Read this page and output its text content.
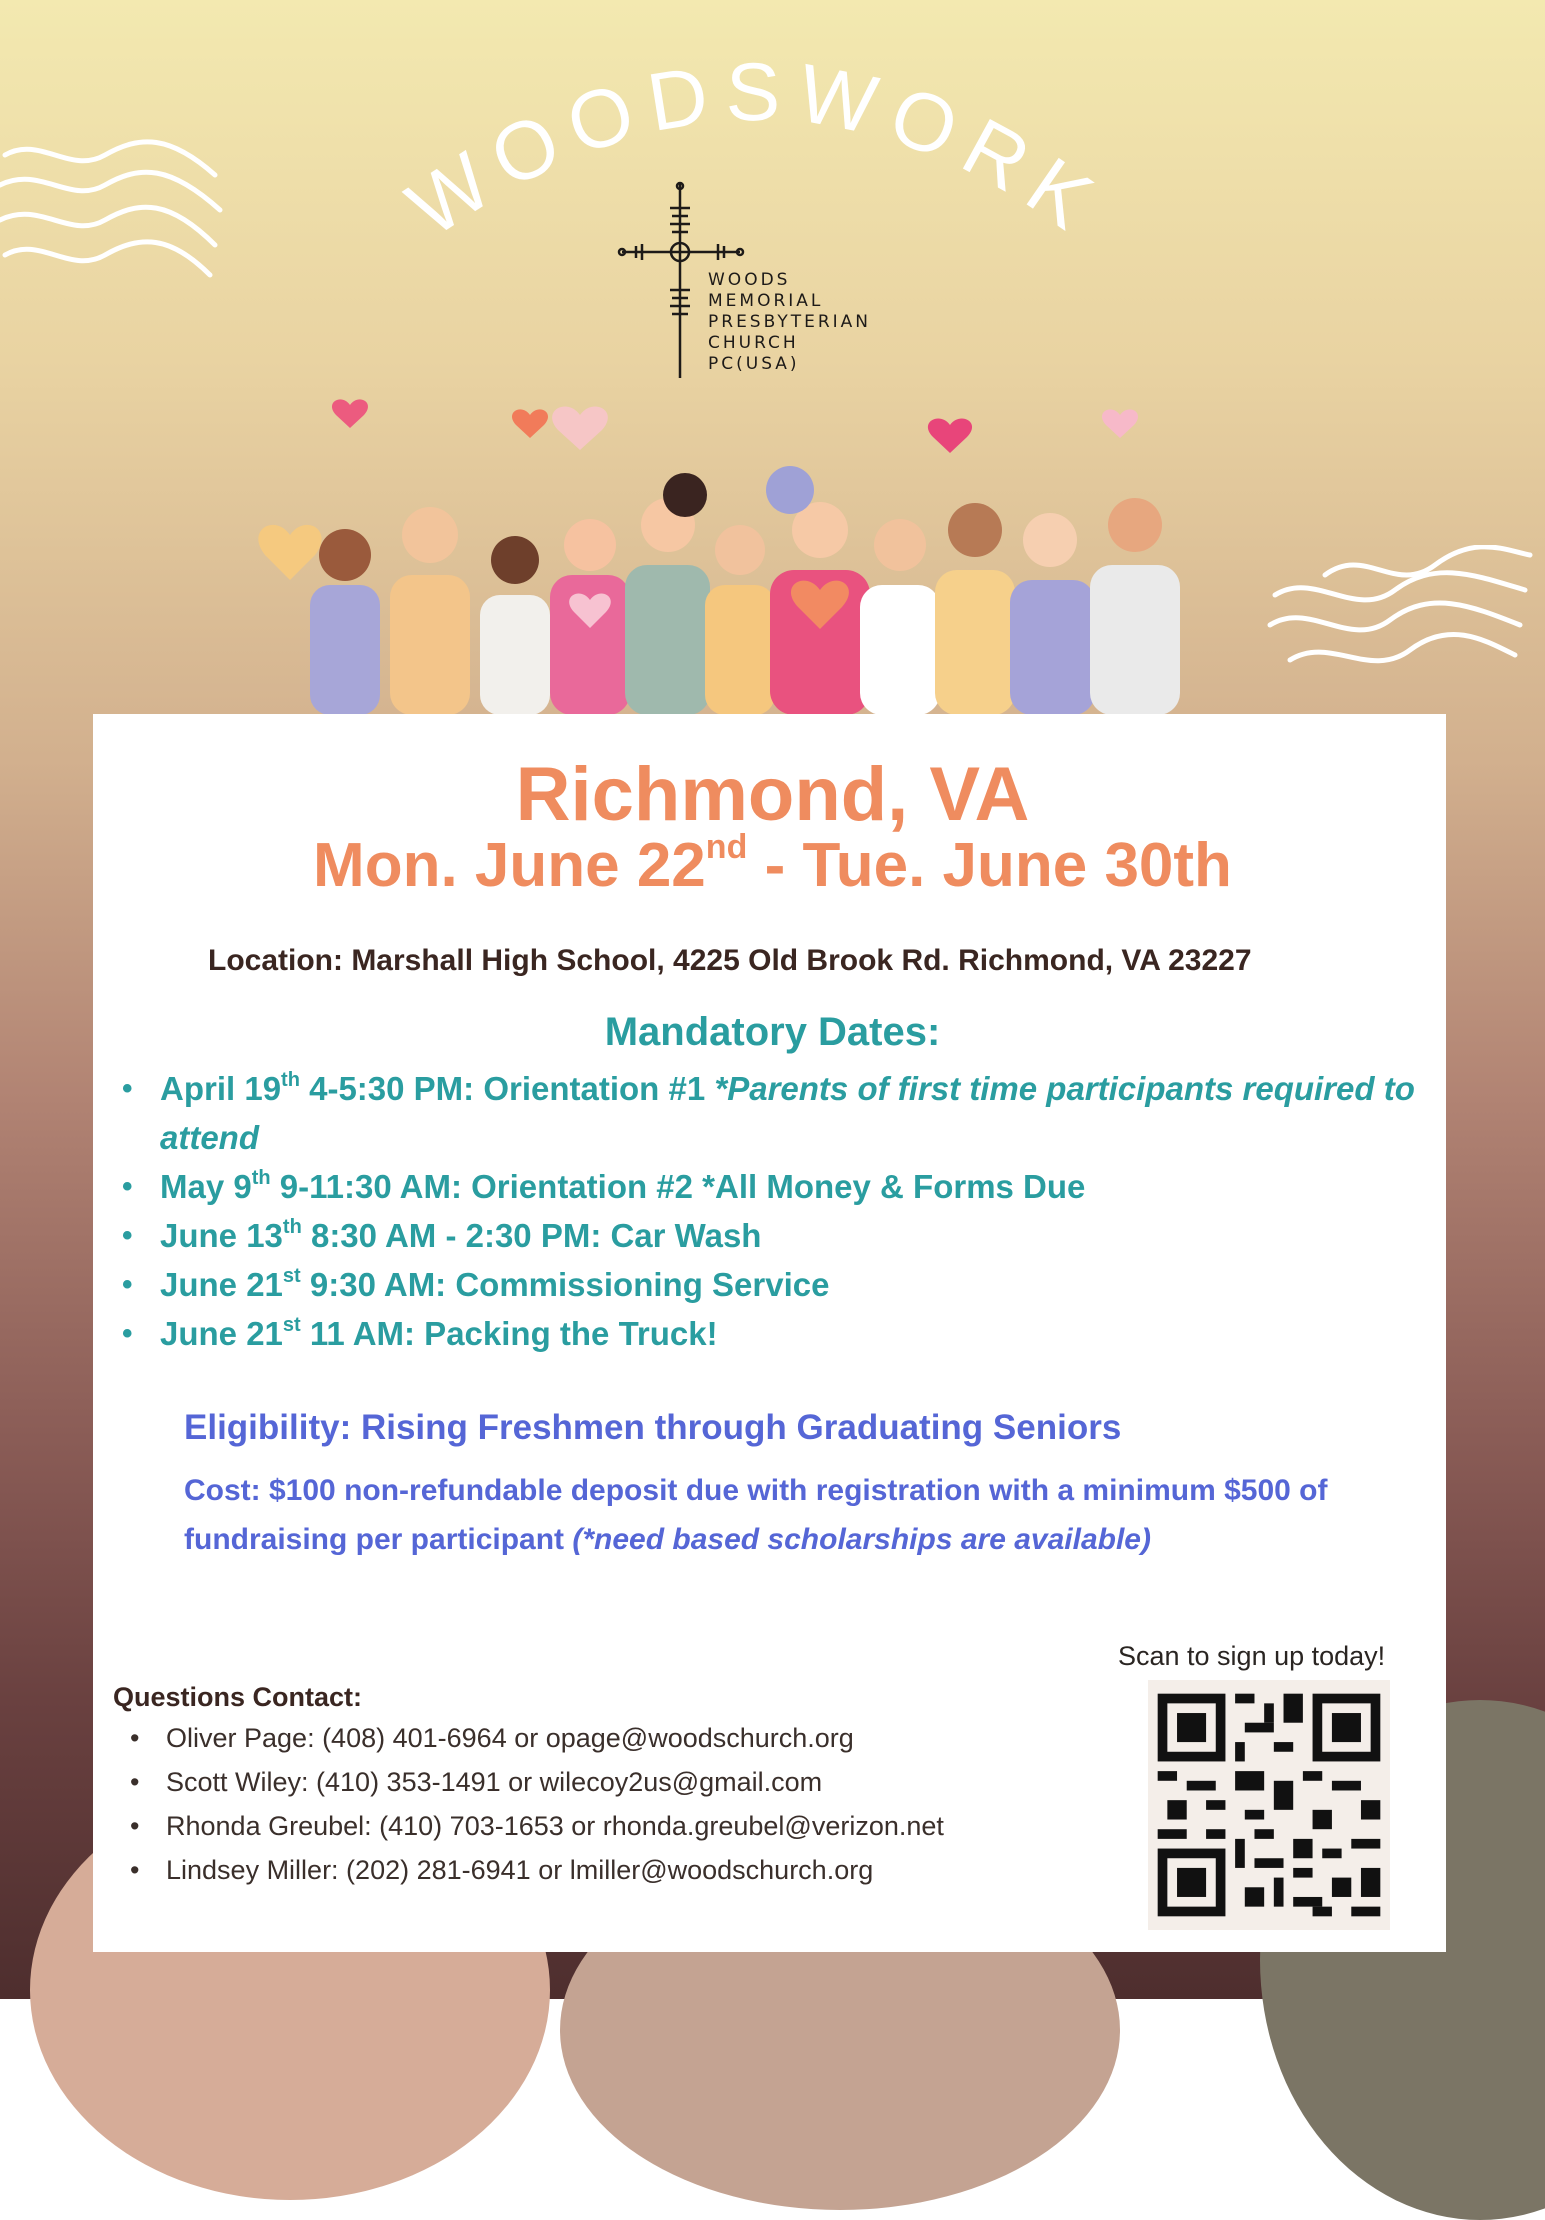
WOODSWORK
WOODS
MEMORIAL
PRESBYTERIAN
CHURCH
PC(USA)
Richmond, VA
Mon. June 22nd - Tue. June 30th
Location: Marshall High School, 4225 Old Brook Rd. Richmond, VA 23227
Mandatory Dates:
• April 19th 4-5:30 PM: Orientation #1 *Parents of first time participants required to attend
• May 9th 9-11:30 AM: Orientation #2 *All Money & Forms Due
• June 13th 8:30 AM - 2:30 PM: Car Wash
• June 21st 9:30 AM: Commissioning Service
• June 21st 11 AM: Packing the Truck!
Eligibility: Rising Freshmen through Graduating Seniors
Cost: $100 non-refundable deposit due with registration with a minimum $500 of fundraising per participant (*need based scholarships are available)
Scan to sign up today!
Questions Contact:
• Oliver Page: (408) 401-6964 or opage@woodschurch.org
• Scott Wiley: (410) 353-1491 or wilecoy2us@gmail.com
• Rhonda Greubel: (410) 703-1653 or rhonda.greubel@verizon.net
• Lindsey Miller: (202) 281-6941 or lmiller@woodschurch.org
